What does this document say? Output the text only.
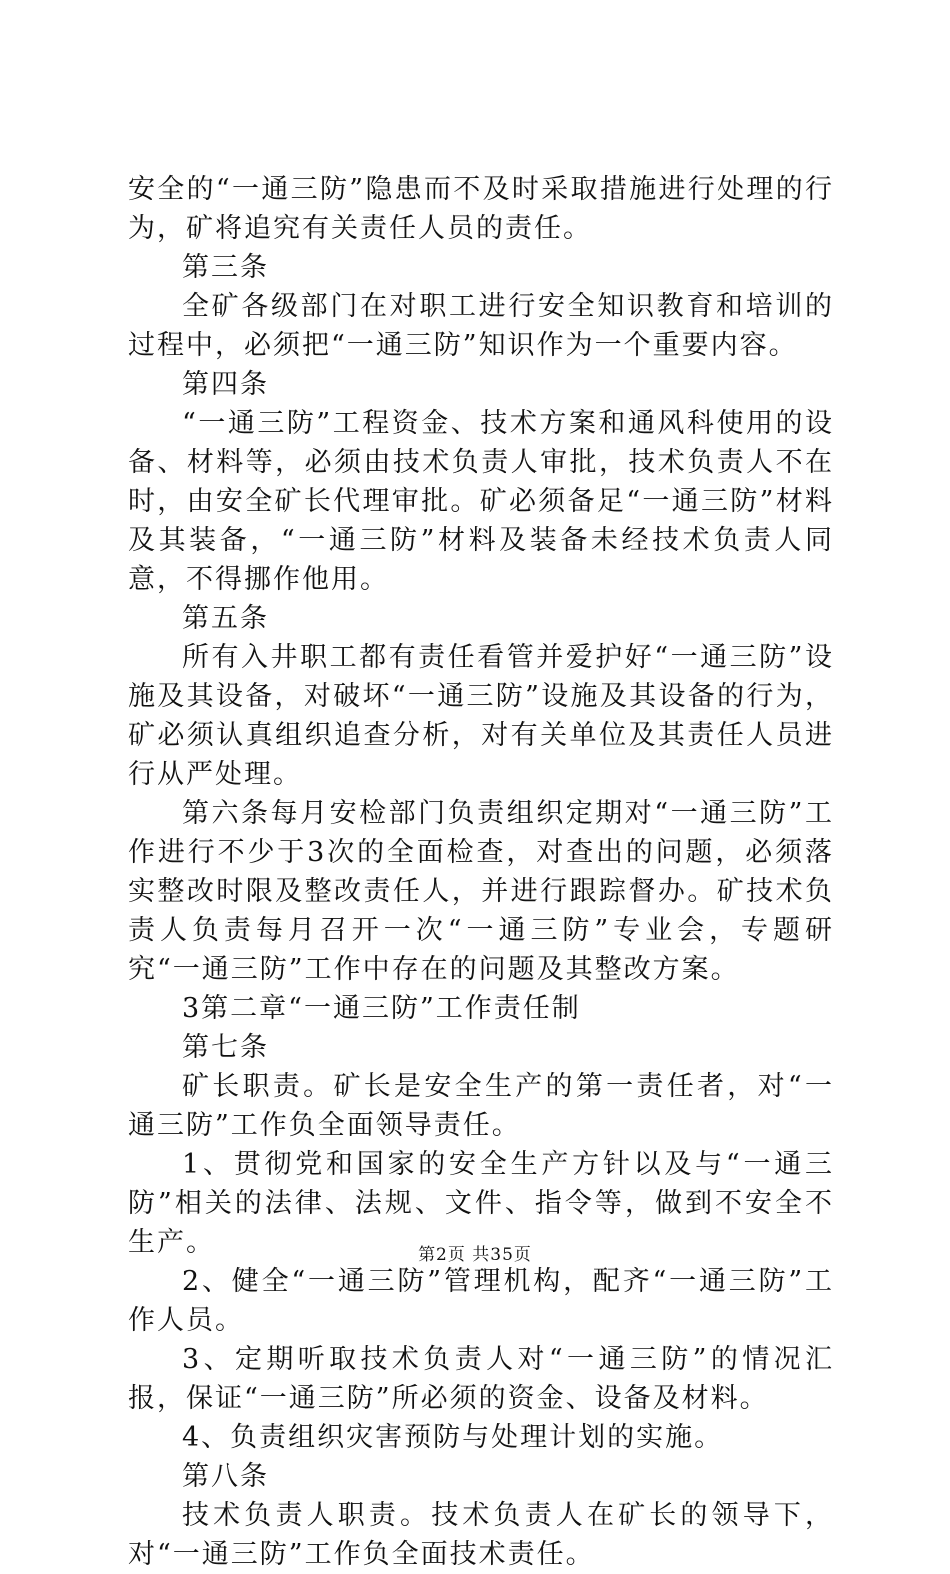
安全的“一通三防”隐患而不及时采取措施进行处理的行为，矿将追究有关责任人员的责任。

第三条

全矿各级部门在对职工进行安全知识教育和培训的过程中，必须把“一通三防”知识作为一个重要内容。

第四条

“一通三防”工程资金、技术方案和通风科使用的设备、材料等，必须由技术负责人审批，技术负责人不在时，由安全矿长代理审批。矿必须备足“一通三防”材料及其装备，“一通三防”材料及装备未经技术负责人同意，不得挪作他用。

第五条

所有入井职工都有责任看管并爱护好“一通三防”设施及其设备，对破坏“一通三防”设施及其设备的行为，矿必须认真组织追查分析，对有关单位及其责任人员进行从严处理。

第六条每月安检部门负责组织定期对“一通三防”工作进行不少于3次的全面检查，对查出的问题，必须落实整改时限及整改责任人，并进行跟踪督办。矿技术负责人负责每月召开一次“一通三防”专业会，专题研究“一通三防”工作中存在的问题及其整改方案。

3第二章“一通三防”工作责任制

第七条

矿长职责。矿长是安全生产的第一责任者，对“一通三防”工作负全面领导责任。

1、贯彻党和国家的安全生产方针以及与“一通三防”相关的法律、法规、文件、指令等，做到不安全不生产。

2、健全“一通三防”管理机构，配齐“一通三防”工作人员。

3、定期听取技术负责人对“一通三防”的情况汇报，保证“一通三防”所必须的资金、设备及材料。

4、负责组织灾害预防与处理计划的实施。

第八条

技术负责人职责。技术负责人在矿长的领导下，对“一通三防”工作负全面技术责任。

第2页 共35页
